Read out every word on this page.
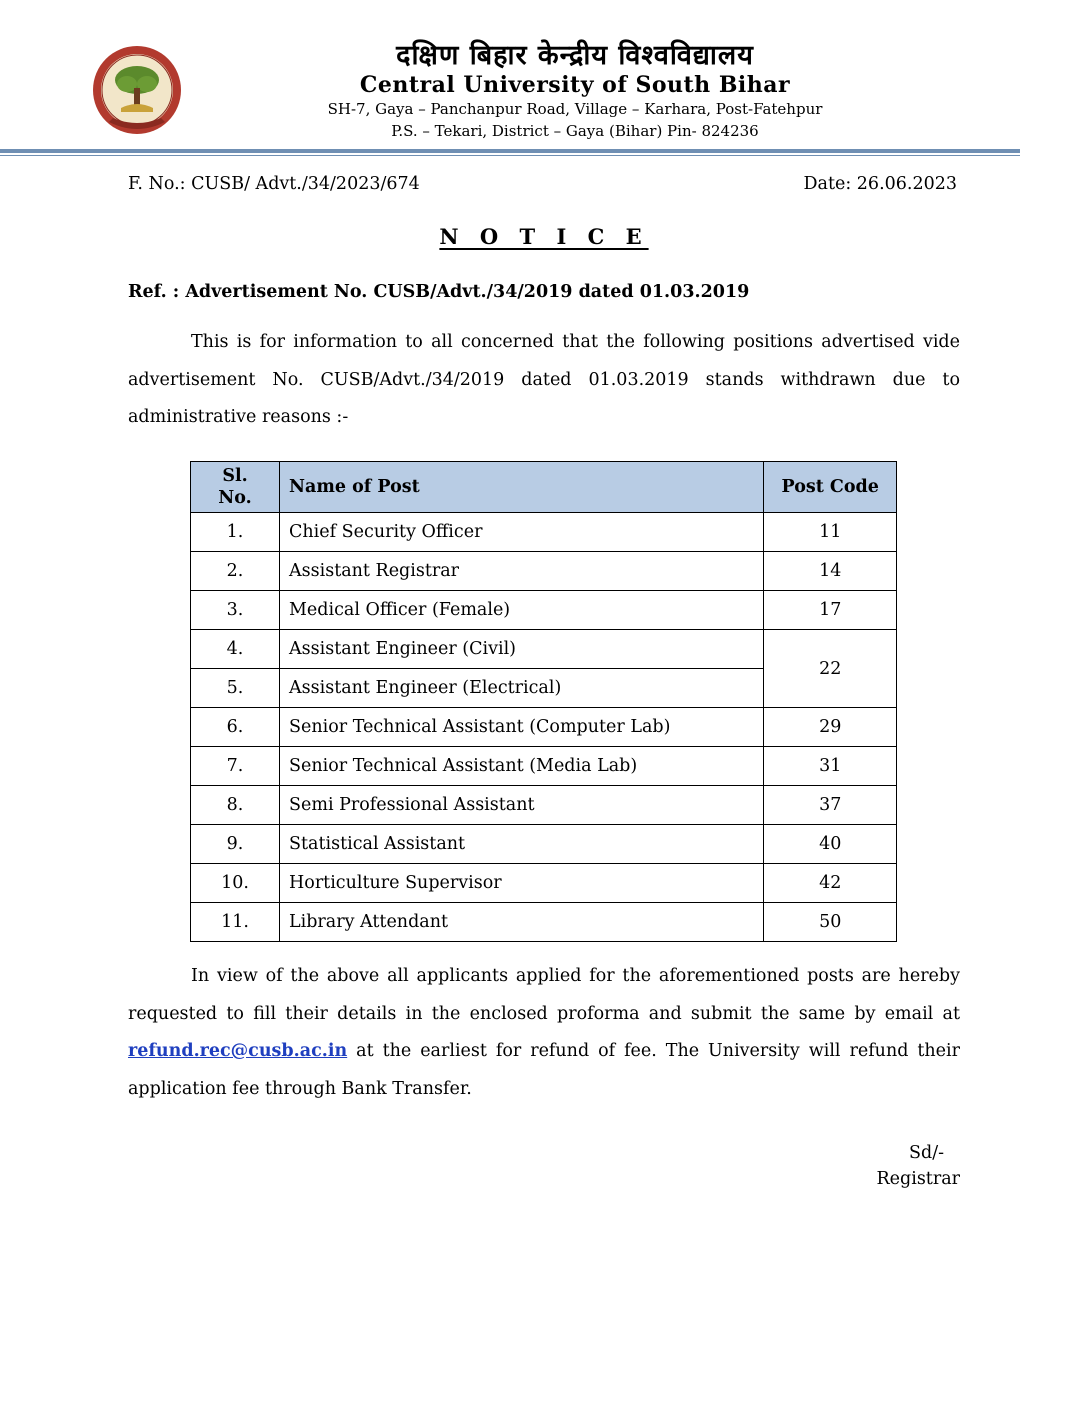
दक्षिण बिहार केन्द्रीय विश्वविद्यालय
Central University of South Bihar
SH-7, Gaya – Panchanpur Road, Village – Karhara, Post-Fatehpur
P.S. – Tekari, District – Gaya (Bihar) Pin- 824236
F. No.: CUSB/ Advt./34/2023/674	Date: 26.06.2023
N O T I C E
Ref. : Advertisement No. CUSB/Advt./34/2019 dated 01.03.2019
This is for information to all concerned that the following positions advertised vide advertisement No. CUSB/Advt./34/2019 dated 01.03.2019 stands withdrawn due to administrative reasons :-
Sl.
No.	Name of Post	Post Code
1.	Chief Security Officer	11
2.	Assistant Registrar	14
3.	Medical Officer (Female)	17
4.	Assistant Engineer (Civil)	22
5.	Assistant Engineer (Electrical)	
6.	Senior Technical Assistant (Computer Lab)	29
7.	Senior Technical Assistant (Media Lab)	31
8.	Semi Professional Assistant	37
9.	Statistical Assistant	40
10.	Horticulture Supervisor	42
11.	Library Attendant	50
In view of the above all applicants applied for the aforementioned posts are hereby requested to fill their details in the enclosed proforma and submit the same by email at refund.rec@cusb.ac.in at the earliest for refund of fee. The University will refund their application fee through Bank Transfer.
Sd/-
Registrar
